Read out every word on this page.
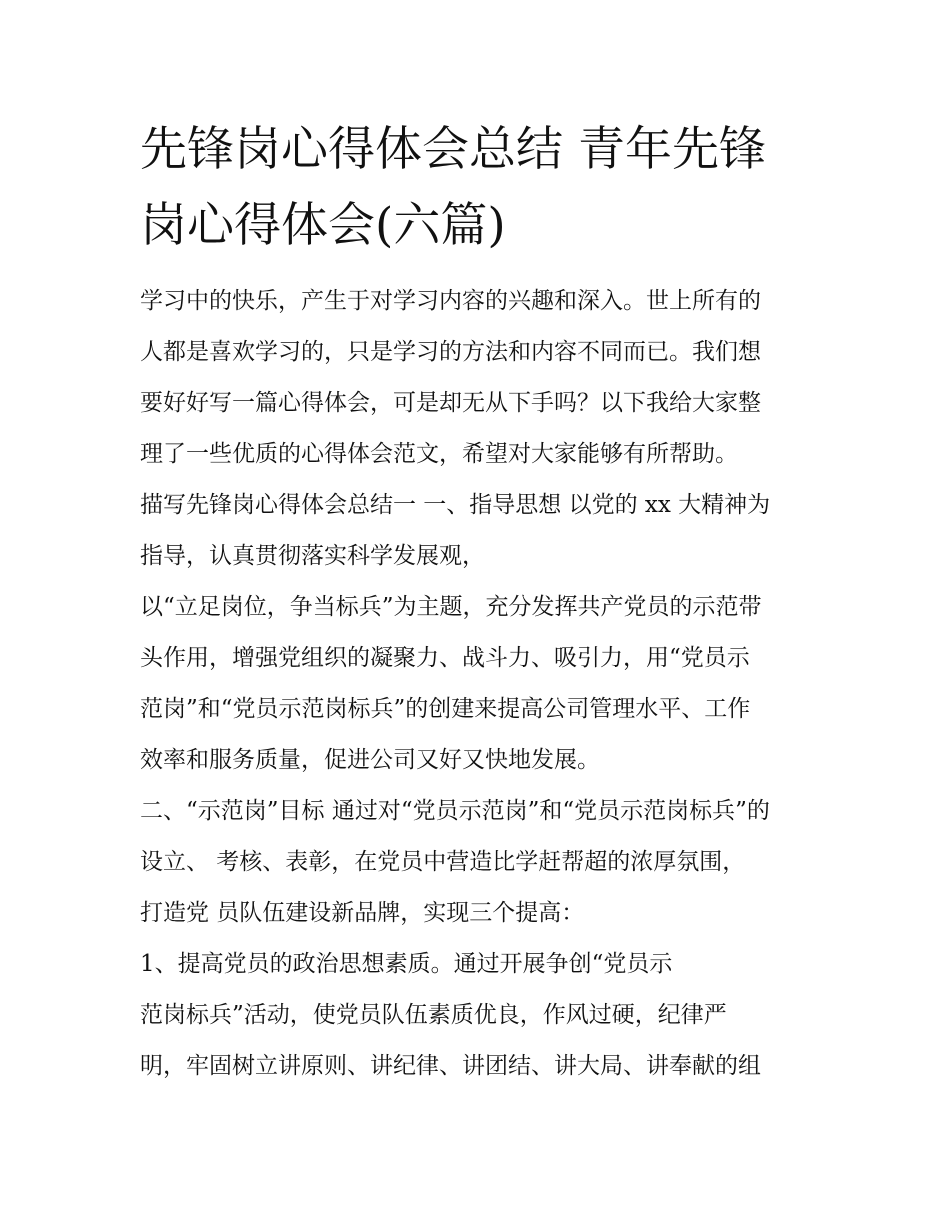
先锋岗心得体会总结 青年先锋
岗心得体会(六篇)
学习中的快乐，产生于对学习内容的兴趣和深入。世上所有的
人都是喜欢学习的，只是学习的方法和内容不同而已。我们想
要好好写一篇心得体会，可是却无从下手吗？以下我给大家整
理了一些优质的心得体会范文，希望对大家能够有所帮助。
描写先锋岗心得体会总结一 一、指导思想 以党的 xx 大精神为
指导，认真贯彻落实科学发展观，
以“立足岗位，争当标兵”为主题，充分发挥共产党员的示范带
头作用，增强党组织的凝聚力、战斗力、吸引力，用“党员示
范岗”和“党员示范岗标兵”的创建来提高公司管理水平、工作
效率和服务质量，促进公司又好又快地发展。
二、“示范岗”目标 通过对“党员示范岗”和“党员示范岗标兵”的
设立、 考核、表彰，在党员中营造比学赶帮超的浓厚氛围，
打造党 员队伍建设新品牌，实现三个提高：
1、提高党员的政治思想素质。通过开展争创“党员示
范岗标兵”活动，使党员队伍素质优良，作风过硬，纪律严
明，牢固树立讲原则、讲纪律、讲团结、讲大局、讲奉献的组
